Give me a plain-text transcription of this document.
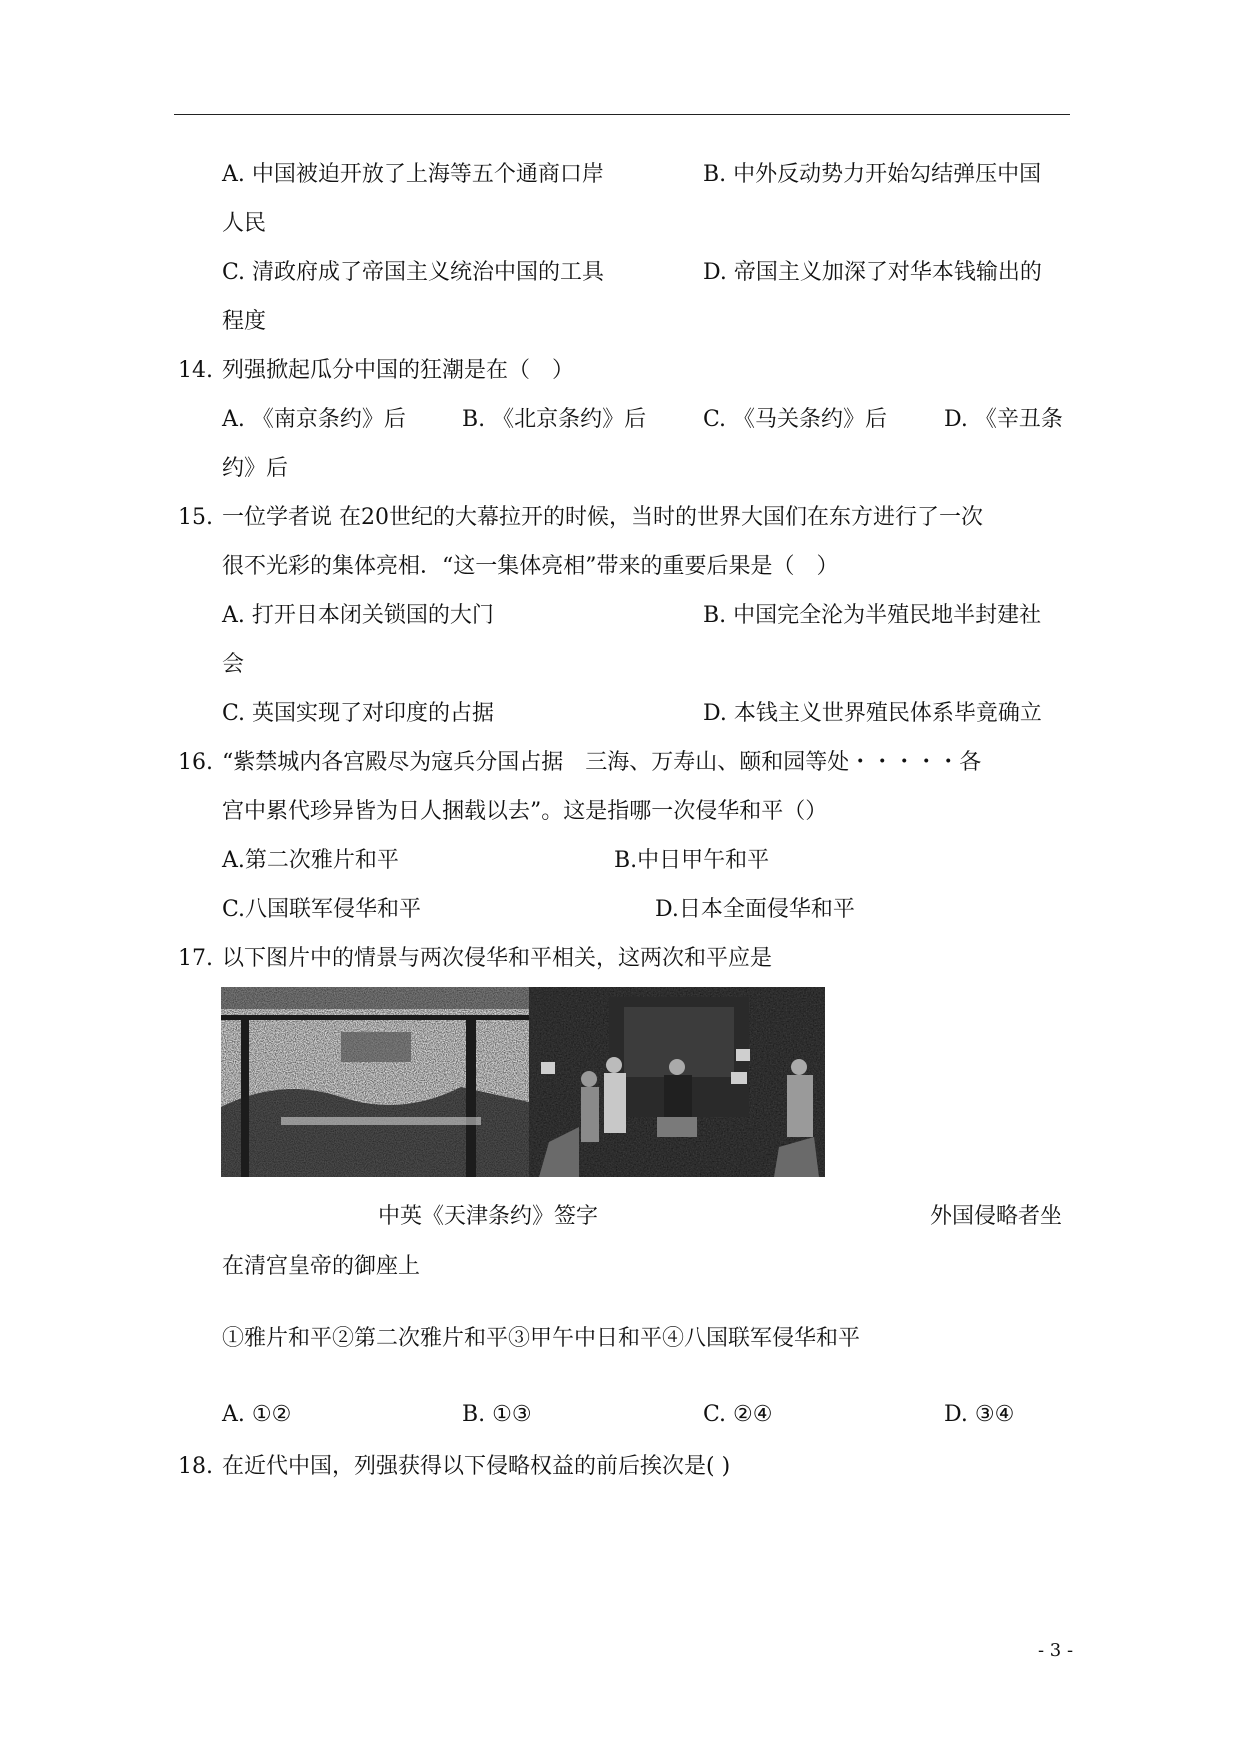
A. 中国被迫开放了上海等五个通商口岸	B. 中外反动势力开始勾结弹压中国
人民
C. 清政府成了帝国主义统治中国的工具	D. 帝国主义加深了对华本钱输出的
程度
14. 列强掀起瓜分中国的狂潮是在（　）
A. 《南京条约》后	B. 《北京条约》后	C. 《马关条约》后	D. 《辛丑条
约》后
15. 一位学者说 在20世纪的大幕拉开的时候，当时的世界大国们在东方进行了一次
很不光彩的集体亮相．“这一集体亮相”带来的重要后果是（　）
A. 打开日本闭关锁国的大门	B. 中国完全沦为半殖民地半封建社
会
C. 英国实现了对印度的占据	D. 本钱主义世界殖民体系毕竟确立
16. “紫禁城内各宫殿尽为寇兵分国占据　三海、万寿山、颐和园等处・・・・・各
宫中累代珍异皆为日人捆载以去”。这是指哪一次侵华和平（）
A.第二次雅片和平	B.中日甲午和平
C.八国联军侵华和平	D.日本全面侵华和平
17. 以下图片中的情景与两次侵华和平相关，这两次和平应是
中英《天津条约》签字	外国侵略者坐
在清宫皇帝的御座上
①雅片和平②第二次雅片和平③甲午中日和平④八国联军侵华和平
A. ①②	B. ①③	C. ②④	D. ③④
18. 在近代中国，列强获得以下侵略权益的前后挨次是( )
- 3 -
